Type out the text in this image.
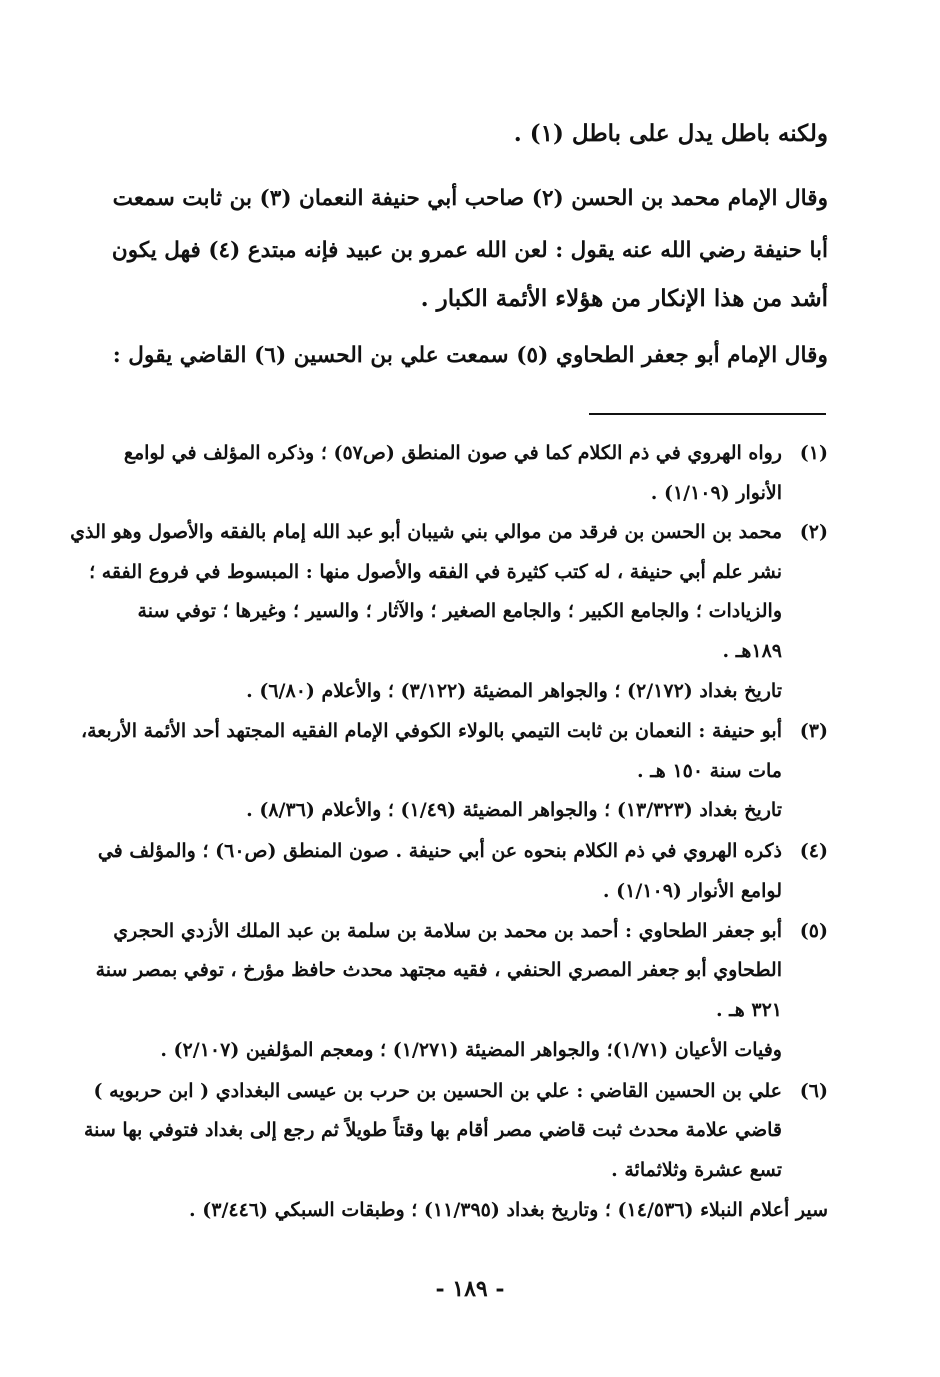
ولكنه باطل يدل على باطل (١) .
وقال الإمام محمد بن الحسن (٢) صاحب أبي حنيفة النعمان (٣) بن ثابت سمعت
أبا حنيفة رضي الله عنه يقول : لعن الله عمرو بن عبيد فإنه مبتدع (٤) فهل يكون
أشد من هذا الإنكار من هؤلاء الأئمة الكبار .
وقال الإمام أبو جعفر الطحاوي (٥) سمعت علي بن الحسين (٦) القاضي يقول :
(١)
رواه الهروي في ذم الكلام كما في صون المنطق (ص٥٧) ؛ وذكره المؤلف في لوامع
الأنوار (١/١٠٩) .
(٢)
محمد بن الحسن بن فرقد من موالي بني شيبان أبو عبد الله إمام بالفقه والأصول وهو الذي
نشر علم أبي حنيفة ، له كتب كثيرة في الفقه والأصول منها : المبسوط في فروع الفقه ؛
والزيادات ؛ والجامع الكبير ؛ والجامع الصغير ؛ والآثار ؛ والسير ؛ وغيرها ؛ توفي سنة
١٨٩هـ .
تاريخ بغداد (٢/١٧٢) ؛ والجواهر المضيئة (٣/١٢٢) ؛ والأعلام (٦/٨٠) .
(٣)
أبو حنيفة : النعمان بن ثابت التيمي بالولاء الكوفي الإمام الفقيه المجتهد أحد الأئمة الأربعة،
مات سنة ١٥٠ هـ .
تاريخ بغداد (١٣/٣٢٣) ؛ والجواهر المضيئة (١/٤٩) ؛ والأعلام (٨/٣٦) .
(٤)
ذكره الهروي في ذم الكلام بنحوه عن أبي حنيفة . صون المنطق (ص٦٠) ؛ والمؤلف في
لوامع الأنوار (١/١٠٩) .
(٥)
أبو جعفر الطحاوي : أحمد بن محمد بن سلامة بن سلمة بن عبد الملك الأزدي الحجري
الطحاوي أبو جعفر المصري الحنفي ، فقيه مجتهد محدث حافظ مؤرخ ، توفي بمصر سنة
٣٢١ هـ .
وفيات الأعيان (١/٧١)؛ والجواهر المضيئة (١/٢٧١) ؛ ومعجم المؤلفين (٢/١٠٧) .
(٦)
علي بن الحسين القاضي : علي بن الحسين بن حرب بن عيسى البغدادي ( ابن حربويه )
قاضي علامة محدث ثبت قاضي مصر أقام بها وقتاً طويلاً ثم رجع إلى بغداد فتوفي بها سنة
تسع عشرة وثلاثمائة .
سير أعلام النبلاء (١٤/٥٣٦) ؛ وتاريخ بغداد (١١/٣٩٥) ؛ وطبقات السبكي (٣/٤٤٦) .
- ١٨٩ -
